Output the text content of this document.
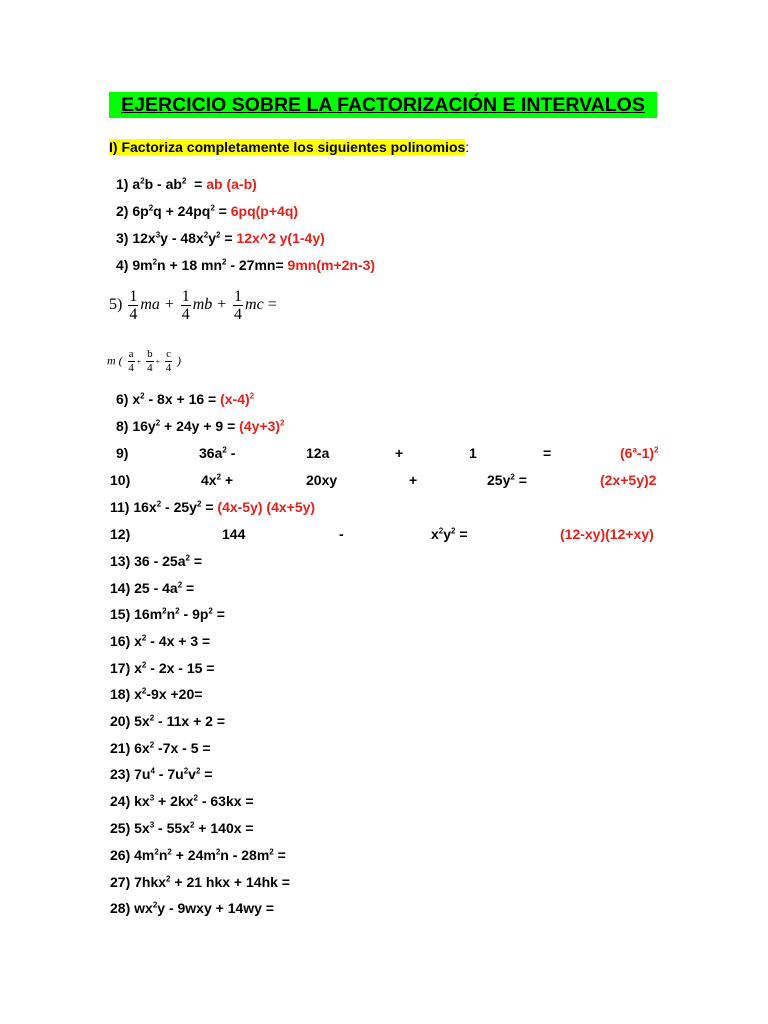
EJERCICIO SOBRE LA FACTORIZACIÓN E INTERVALOS
I) Factoriza completamente los siguientes polinomios:
1) $a^2b - ab^2$  = ab (a-b)
2) $6p^2q + 24pq^2 = 6pq(p+4q)$
3) $12x^3y - 48x^2y^2$ = 12x^2 y(1-4y)
4) $9m^2n + 18$ $mn^2 - 27mn= 9mn(m+2n-3)$
$5) \frac{1}{4}$ ma + $\frac{1}{4}$ mb + $\frac{1}{4}$ mc =
m ( $\frac{a}{4} + \frac{b}{4} + \frac{c}{4}$ )
6) $x^2 - 8x + 16 = (x-4)^2$
8) $16y^2 + 24y + 9 = (4y+3)^2$
9)	$36a^2$ -	12a	+	1	=	$(6^a-1)^2$
10)	$4x^2$ +	20xy	+	$25y^2$ =	(2x+5y)2
11) $16x^2 - 25y^2 = (4x-5y)$ (4x+5y)
12)	144	-	$x^2y^2$ =	(12-xy)(12+xy)
13) $36 - 25a^2$ =
14) $25 - 4a^2$ =
15) $16m^2n^2 - 9p^2$ =
16) $x^2 - 4x + 3$ =
17) $x^2 - 2x - 15$ =
18) $x^2-9x +20=$
20) $5x^2 - 11x + 2$ =
21) $6x^2$ -7x - 5 =
23) $7u^4 - 7u^2v^2$ =
24) $kx^3 + 2kx^2 - 63kx$ =
25) $5x^3 - 55x^2 + 140x$ =
26) $4m^2n^2 + 24m^2n - 28m^2$ =
27) 7hkx$^2$ + 21 hkx + 14hk =
28) $wx^2y - 9wxy + 14wy$ =
